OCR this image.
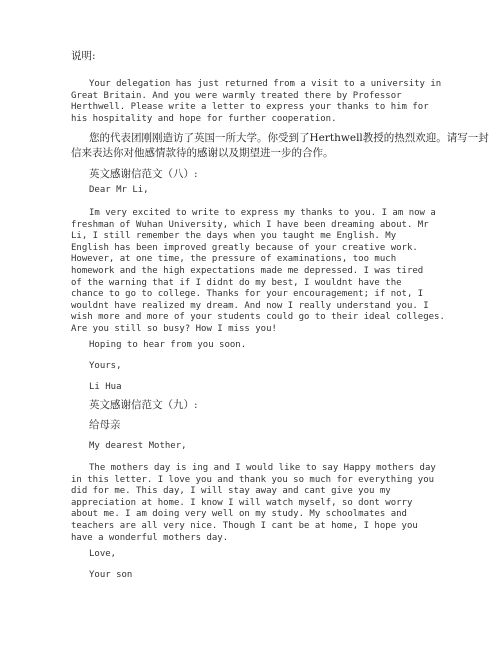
说明:
Your delegation has just returned from a visit to a university in
Great Britain. And you were warmly treated there by Professor
Herthwell. Please write a letter to express your thanks to him for
his hospitality and hope for further cooperation.
您的代表团刚刚造访了英国一所大学。你受到了Herthwell教授的热烈欢迎。请写一封
信来表达你对他感情款待的感谢以及期望进一步的合作。
英文感谢信范文（八）:
Dear Mr Li,
Im very excited to write to express my thanks to you. I am now a
freshman of Wuhan University, which I have been dreaming about. Mr
Li, I still remember the days when you taught me English. My
English has been improved greatly because of your creative work.
However, at one time, the pressure of examinations, too much
homework and the high expectations made me depressed. I was tired
of the warning that if I didnt do my best, I wouldnt have the
chance to go to college. Thanks for your encouragement; if not, I
wouldnt have realized my dream. And now I really understand you. I
wish more and more of your students could go to their ideal colleges.
Are you still so busy? How I miss you!
Hoping to hear from you soon.
Yours,
Li Hua
英文感谢信范文（九）:
给母亲
My dearest Mother,
The mothers day is ing and I would like to say Happy mothers day
in this letter. I love you and thank you so much for everything you
did for me. This day, I will stay away and cant give you my
appreciation at home. I know I will watch myself, so dont worry
about me. I am doing very well on my study. My schoolmates and
teachers are all very nice. Though I cant be at home, I hope you
have a wonderful mothers day.
Love,
Your son
